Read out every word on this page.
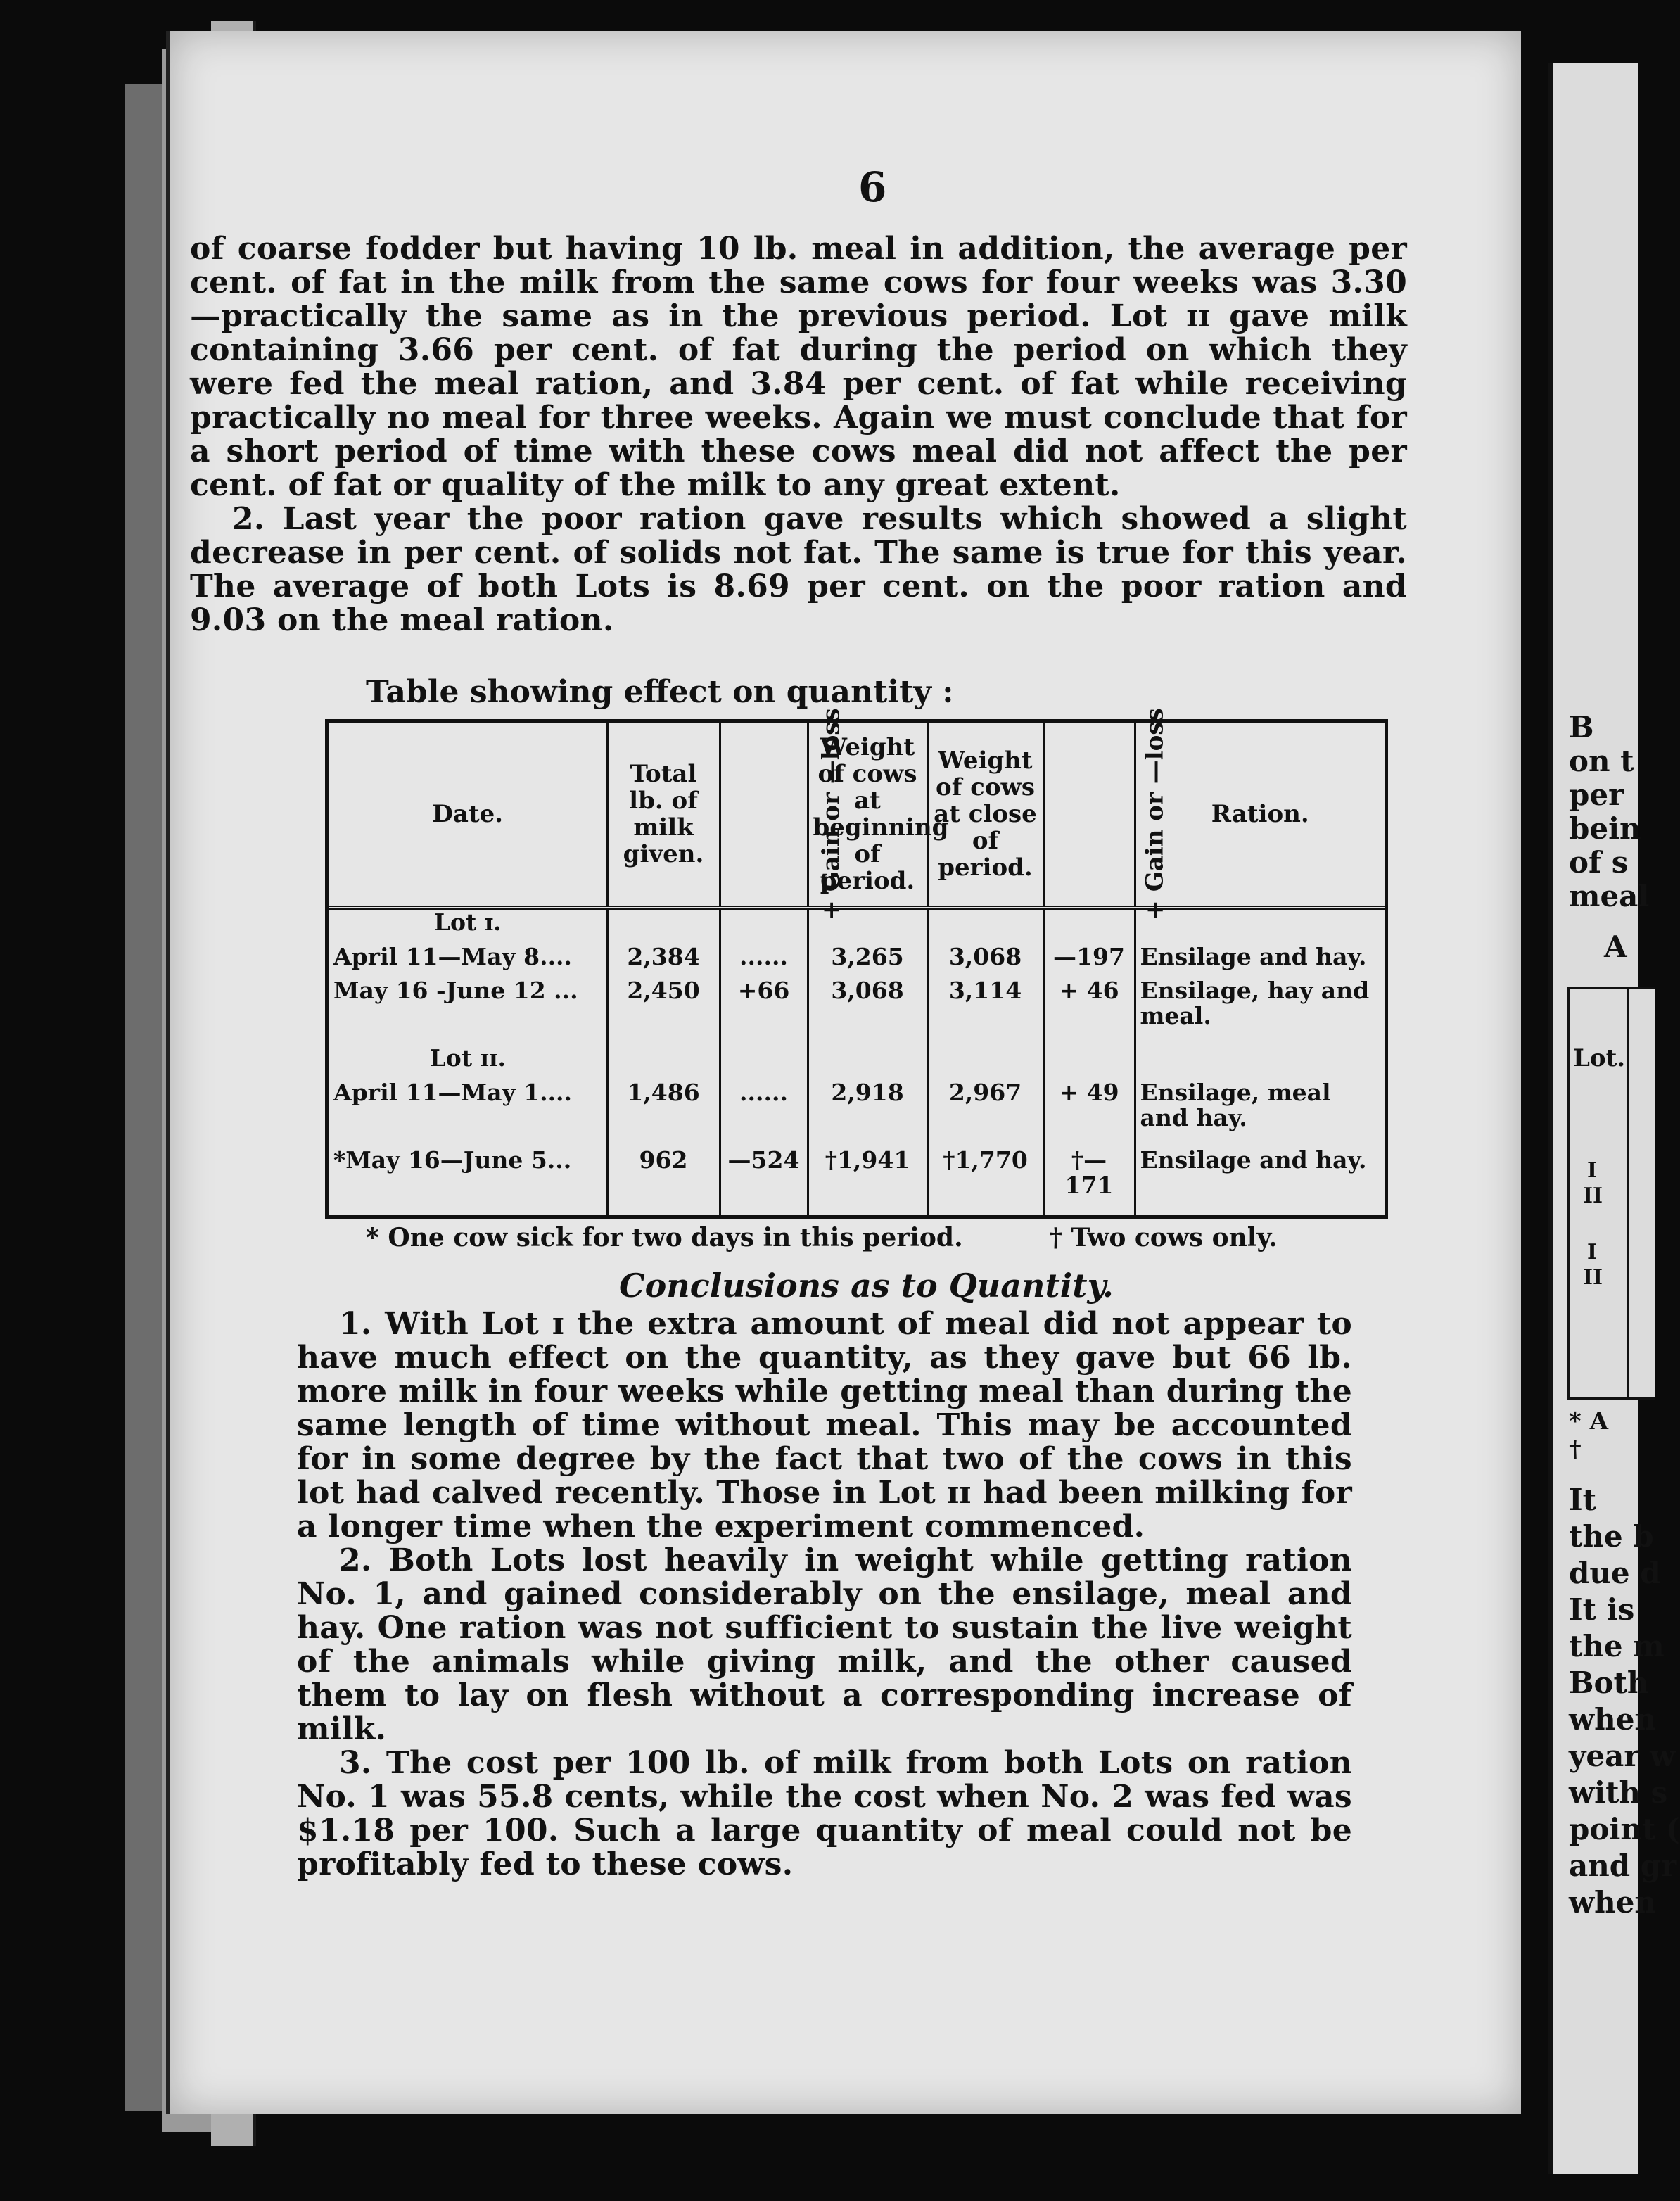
6

of coarse fodder but having 10 lb. meal in addition, the average per cent. of fat in the milk from the same cows for four weeks was 3.30 —practically the same as in the previous period. Lot ɪɪ gave milk containing 3.66 per cent. of fat during the period on which they were fed the meal ration, and 3.84 per cent. of fat while receiving practically no meal for three weeks. Again we must conclude that for a short period of time with these cows meal did not affect the per cent. of fat or quality of the milk to any great extent.

2. Last year the poor ration gave results which showed a slight decrease in per cent. of solids not fat. The same is true for this year. The average of both Lots is 8.69 per cent. on the poor ration and 9.03 on the meal ration.

Table showing effect on quantity :
Date.	Total lb. of milk given.	+ Gain or —loss	Weight of cows at beginning of period.	Weight of cows at close of period.	+ Gain or —loss	Ration.
Lot ɪ.						
April 11—May 8....	2,384	......	3,265	3,068	—197	Ensilage and hay.
May 16 -June 12 ...	2,450	+66	3,068	3,114	+ 46	Ensilage, hay and meal.
Lot ɪɪ.						
April 11—May 1....	1,486	......	2,918	2,967	+ 49	Ensilage, meal and hay.
*May 16—June 5...	962	—524	†1,941	†1,770	†—171	Ensilage and hay.
* One cow sick for two days in this period.	† Two cows only.
Conclusions as to Quantity.

1. With Lot ɪ the extra amount of meal did not appear to have much effect on the quantity, as they gave but 66 lb. more milk in four weeks while getting meal than during the same length of time without meal. This may be accounted for in some degree by the fact that two of the cows in this lot had calved recently. Those in Lot ɪɪ had been milking for a longer time when the experiment commenced.

2. Both Lots lost heavily in weight while getting ration No. 1, and gained considerably on the ensilage, meal and hay. One ration was not sufficient to sustain the live weight of the animals while giving milk, and the other caused them to lay on flesh without a corresponding increase of milk.

3. The cost per 100 lb. of milk from both Lots on ration No. 1 was 55.8 cents, while the cost when No. 2 was fed was $1.18 per 100. Such a large quantity of meal could not be profitably fed to these cows.

B
on t
per
bein
of s
meal
A
Lot.
I
II
I
II
* A
†
It
the b
due d
It is
the m
Both
when
year w
with s
point (
and gr
when
